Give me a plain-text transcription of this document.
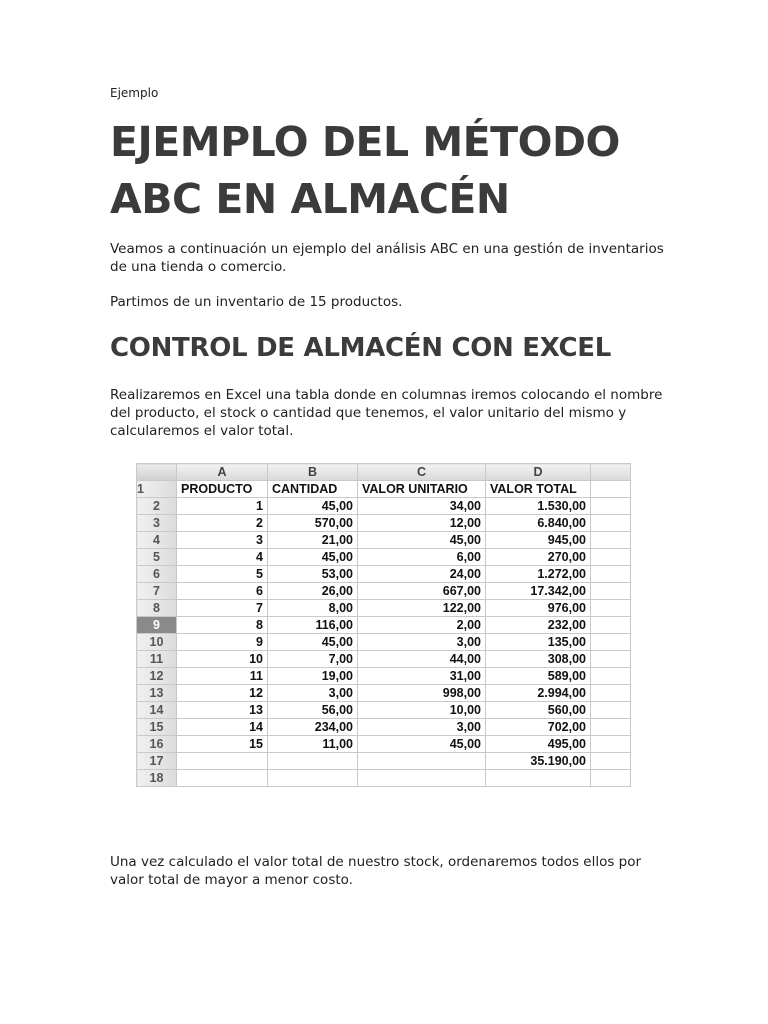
Ejemplo
EJEMPLO DEL MÉTODO ABC EN ALMACÉN

Veamos a continuación un ejemplo del análisis ABC en una gestión de inventarios de una tienda o comercio.

Partimos de un inventario de 15 productos.

CONTROL DE ALMACÉN CON EXCEL

Realizaremos en Excel una tabla donde en columnas iremos colocando el nombre del producto, el stock o cantidad que tenemos, el valor unitario del mismo y calcularemos el valor total.

Una vez calculado el valor total de nuestro stock, ordenaremos todos ellos por valor total de mayor a menor costo.

	A	B	C	D	
1	PRODUCTO	CANTIDAD	VALOR UNITARIO	VALOR TOTAL	
2	1	45,00	34,00	1.530,00	
3	2	570,00	12,00	6.840,00	
4	3	21,00	45,00	945,00	
5	4	45,00	6,00	270,00	
6	5	53,00	24,00	1.272,00	
7	6	26,00	667,00	17.342,00	
8	7	8,00	122,00	976,00	
9	8	116,00	2,00	232,00	
10	9	45,00	3,00	135,00	
11	10	7,00	44,00	308,00	
12	11	19,00	31,00	589,00	
13	12	3,00	998,00	2.994,00	
14	13	56,00	10,00	560,00	
15	14	234,00	3,00	702,00	
16	15	11,00	45,00	495,00	
17				35.190,00	
18					
